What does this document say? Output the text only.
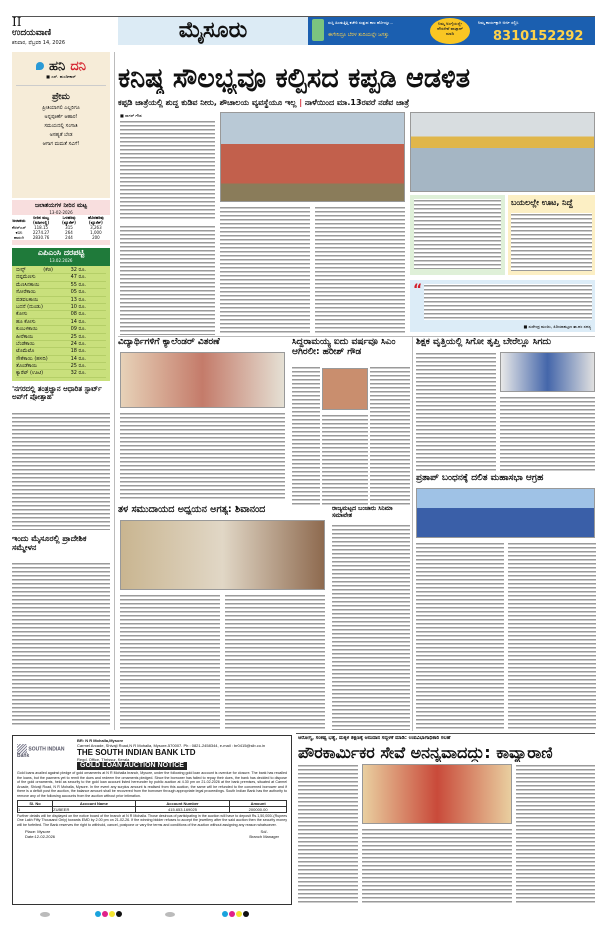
II
ಉದಯವಾಣಿ
ಶನಿವಾರ, ಫೆಬ್ರವರಿ 14, 2026	ಮೈಸೂರು	ಸುಸ್ತಿ ಹಿಂಡುತ್ತಿತ್ತಿ ಕಚೇರಿ ಸುತ್ತುವ ಕಾಲ ಹೋಯ್ತು...
ಈಗೇನಿದ್ರೂ ಬೆರಳ ತುದಿಯಲ್ಲೇ ಜಗತ್ತು
ನಿಮ್ಮ ಅಂಗೈಯಲ್ಲೇ ಪೌರಸೇವೆ ವಾಟ್ಸಾಪ್ ಮಾಡಿ
ನಿಮ್ಮ ಕಾರ್ಯಕ್ಕಾಗಿ ಅರ್ಜಿ ಸಲ್ಲಿಸಿ
8310152292
ಹನಿ ದನಿ
■ ಎಸ್. ಹುಂಡೀಕಾರ್
ಪ್ರೇಮ
ಪ್ರೀತಿಯಾಗಲಿ ಎಲ್ಲರಿಗೂ
ಅನ್ನಪೂರ್ಣೆ ಆಹಾರ!
ಸಮಯದಲ್ಲಿ ಸಂಗಾತಿ
ಅಸಹ್ಯತೆ ಬೇಡ
ಆಗಾಗ ಮಮತೆ ಸವಿಗೆ!
ಜಲಾಶಯಗಳ ನೀರಿನ ಮಟ್ಟ
13-02-2026
ಜಲಾಶಯ	ನೀರಿನ ಮಟ್ಟ (ಅಡಿಗಳಲ್ಲಿ)	ಒಳಹರಿವು (ಕ್ಯೂಸೆಕ್)	ಹೊರಹರಿವು (ಕ್ಯೂಸೆಕ್)
ಕೆಆರ್‌ಎಸ್	118.15	315	3,263
ಕಬಿನಿ	2274.27	264	1,000
ಹಾರಂಗಿ	2830.76	244	200
ಎಪಿಎಂಸಿ ದರಪಟ್ಟಿ
13.02.2026
ಬೀನ್ಸ್	(ಕೆಜಿ)	32 ರೂ.
ದಪ್ಪಮೆಣಸು	47 ರೂ.
ಮೆಣಸಿನಕಾಯಿ	55 ರೂ.
ಸೋರೆಕಾಯಿ	05 ರೂ.
ಪಡವಲಕಾಯಿ	13 ರೂ.
ಬದನೆ (ದುಂಡು)	10 ರೂ.
ಕೋಸು	08 ರೂ.
ಹೂ ಕೋಸು	14 ರೂ.
ಕುಂಬಳಕಾಯಿ	09 ರೂ.
ಹೀರೆಕಾಯಿ	25 ರೂ.
ಬೆಂಡೆಕಾಯಿ	24 ರೂ.
ಟೊಮೆಟೊ	18 ರೂ.
ಸೌತೆಕಾಯಿ (ಹಳದಿ)	14 ರೂ.
ತೊಂಡೆಕಾಯಿ	25 ರೂ.
ಕ್ಯಾರೆಟ್ (ಊಟಿ)	32 ರೂ.
ಕನಿಷ್ಠ ಸೌಲಭ್ಯವೂ ಕಲ್ಪಿಸದ ಕಪ್ಪಡಿ ಆಡಳಿತ
ಕಪ್ಪಡಿ ಜಾತ್ರೆಯಲ್ಲಿ ಶುದ್ಧ ಕುಡಿವ ನೀರು, ಶೌಚಾಲಯ ವ್ಯವಸ್ಥೆಯೂ ಇಲ್ಲ | ನಾಳೆಯಿಂದ ಮಾ.13ರವರೆ ನಡೆವ ಜಾತ್ರೆ
■ ಸಾಗರ್ ಗೌಡ
ಬಯಲಲ್ಲೇ ಊಟ, ನಿದ್ದೆ
“
■ ಸುರೇಂದ್ರ ಮಂಜು, ಪಿರಿಯಾಪಟ್ಟಣ ತಾ.ಪಂ ಸದಸ್ಯ
ವಿದ್ಯಾರ್ಥಿಗಳಿಗೆ ಕ್ಯಾಲೆಂಡರ್ ವಿತರಣೆ	ಸಿದ್ದರಾಮಯ್ಯ ಐದು ವರ್ಷವೂ ಸಿಎಂ ಆಗಿರಲೀ: ಹರೀಶ್ ಗೌಡ
ಶಿಕ್ಷಕ ವೃತ್ತಿಯಲ್ಲಿ ಸಿಗೋ ತೃಪ್ತಿ ಬೇರೆಲ್ಲೂ ಸಿಗದು
ಪ್ರತಾಪ್ ಬಂಧನಕ್ಕೆ ದಲಿತ ಮಹಾಸಭಾ ಆಗ್ರಹ
ತಳ ಸಮುದಾಯದ ಅಧ್ಯಯನ ಅಗತ್ಯ: ಶಿವಾನಂದ	ರಾಜ್ಯಮಟ್ಟದ ಬಂಜಾರು ಸಿನಿಮಾ ಸಮಾವೇಶ
'ನಗರದಲ್ಲಿ ತಂತ್ರಜ್ಞಾನ ಆಧಾರಿತ ಸ್ಟಾರ್ಟ್ ಅಪ್‌ಗೆ ಪ್ರೋತ್ಸಾಹ'
ಇಂದು ಮೈಸೂರಲ್ಲಿ ಪ್ರಾದೇಶಿಕ ಸಮ್ಮೇಳನ
SOUTH INDIAN Bank
BR: N R Mohalla,Mysore
Carmel Arcade, Shivaji Road,N R Mohalla, Mysore-570007. Ph : 0821-2458344, e-mail : br0415@sib.co.in
THE SOUTH INDIAN BANK LTD
Regd. Office, Thrissur, Kerala
GOLD LOAN AUCTION NOTICE
Gold loans availed against pledge of gold ornaments at N R Mohalla branch, Mysore, under the following gold loan account is overdue for closure. The bank has recalled the loans, but the pawners yet to remit the dues and redeem the ornaments pledged. Since the borrower has failed to repay their dues, the bank has decided to dispose of the gold ornaments, held as security to the gold loan account listed hereunder by public auction at 4.30 pm on 21-02-2026 at the bank premises, situated at Carmel Arcade, Shivaji Road, N R Mohalla, Mysore. In the event any surplus amount is realised from this auction, the same will be refunded to the concerned borrower and if there is a deficit post the auction, the balance amount shall be recovered from the borrower through appropriate legal proceedings. South Indian Bank has the authority to remove any of the following accounts from the auction without prior intimation.
Sl. No	Account Name	Account Number	Amount
1	ZUBEER	415.653.169025	200000.00
Further details will be displayed on the notice board of the branch at N R Mohalla. Those desirous of participating in the auction will have to deposit Rs.1,50,000/-(Rupees One Lakh Fifty Thousand Only) towards EMD by 2.00 pm on 21-02-26. If the winning bidder refuses to accept the jewellery after the said auction then the security money will be forfeited. The Bank reserves the right to withhold, cancel, postpone or vary the terms and conditions of the auction without assigning any reason whatsoever.
Place: Mysore
Date:12-02-2026
Sd/-
Branch Manager
ಆರೋಗ್ಯ, ಸಂಕಷ್ಟ ಭತ್ಯೆ, ಮಕ್ಕಳ ಶಿಕ್ಷಣಕ್ಕೆ ಅನುದಾನ ಸದ್ಬಳಕೆ ಮಾಡಿ: ಉಪವಿಭಾಗಾಧಿಕಾರಿ ಸಲಹೆ
ಪೌರಕಾರ್ಮಿಕರ ಸೇವೆ ಅನನ್ಯವಾದದ್ದು: ಕಾವ್ಯಾರಾಣಿ
